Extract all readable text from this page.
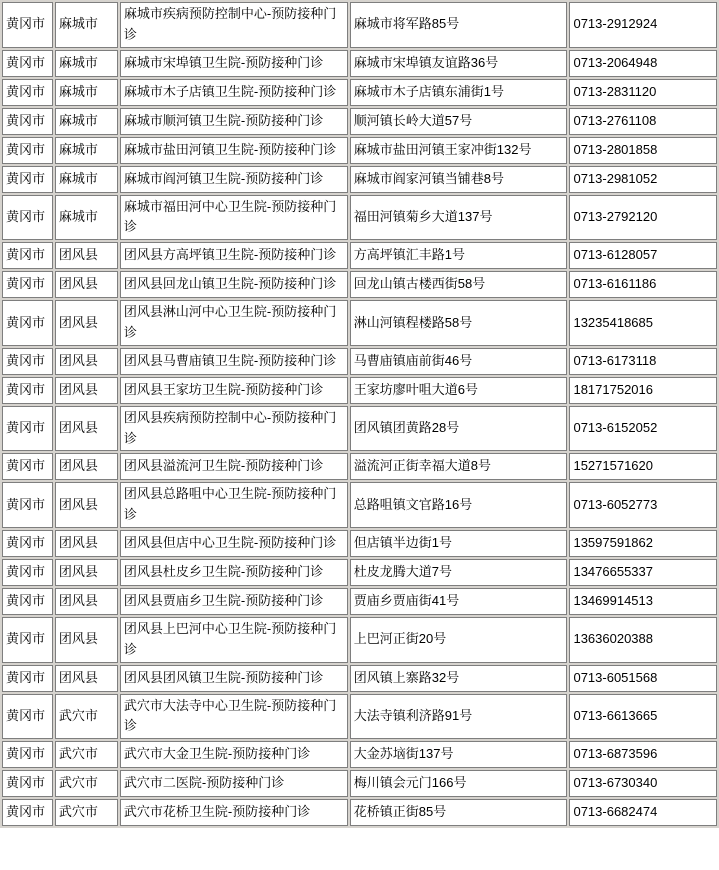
黄冈市	麻城市	麻城市疾病预防控制中心-预防接种门诊	麻城市将军路85号	0713-2912924
黄冈市	麻城市	麻城市宋埠镇卫生院-预防接种门诊	麻城市宋埠镇友谊路36号	0713-2064948
黄冈市	麻城市	麻城市木子店镇卫生院-预防接种门诊	麻城市木子店镇东浦街1号	0713-2831120
黄冈市	麻城市	麻城市顺河镇卫生院-预防接种门诊	顺河镇长岭大道57号	0713-2761108
黄冈市	麻城市	麻城市盐田河镇卫生院-预防接种门诊	麻城市盐田河镇王家冲街132号	0713-2801858
黄冈市	麻城市	麻城市阎河镇卫生院-预防接种门诊	麻城市阎家河镇当铺巷8号	0713-2981052
黄冈市	麻城市	麻城市福田河中心卫生院-预防接种门诊	福田河镇菊乡大道137号	0713-2792120
黄冈市	团风县	团风县方高坪镇卫生院-预防接种门诊	方高坪镇汇丰路1号	0713-6128057
黄冈市	团风县	团风县回龙山镇卫生院-预防接种门诊	回龙山镇古楼西街58号	0713-6161186
黄冈市	团风县	团风县淋山河中心卫生院-预防接种门诊	淋山河镇程楼路58号	13235418685
黄冈市	团风县	团风县马曹庙镇卫生院-预防接种门诊	马曹庙镇庙前街46号	0713-6173118
黄冈市	团风县	团风县王家坊卫生院-预防接种门诊	王家坊廖叶咀大道6号	18171752016
黄冈市	团风县	团风县疾病预防控制中心-预防接种门诊	团风镇团黄路28号	0713-6152052
黄冈市	团风县	团风县溢流河卫生院-预防接种门诊	溢流河正街幸福大道8号	15271571620
黄冈市	团风县	团风县总路咀中心卫生院-预防接种门诊	总路咀镇文官路16号	0713-6052773
黄冈市	团风县	团风县但店中心卫生院-预防接种门诊	但店镇半边街1号	13597591862
黄冈市	团风县	团风县杜皮乡卫生院-预防接种门诊	杜皮龙腾大道7号	13476655337
黄冈市	团风县	团风县贾庙乡卫生院-预防接种门诊	贾庙乡贾庙街41号	13469914513
黄冈市	团风县	团风县上巴河中心卫生院-预防接种门诊	上巴河正街20号	13636020388
黄冈市	团风县	团风县团风镇卫生院-预防接种门诊	团风镇上寨路32号	0713-6051568
黄冈市	武穴市	武穴市大法寺中心卫生院-预防接种门诊	大法寺镇利济路91号	0713-6613665
黄冈市	武穴市	武穴市大金卫生院-预防接种门诊	大金苏垴街137号	0713-6873596
黄冈市	武穴市	武穴市二医院-预防接种门诊	梅川镇会元门166号	0713-6730340
黄冈市	武穴市	武穴市花桥卫生院-预防接种门诊	花桥镇正街85号	0713-6682474
